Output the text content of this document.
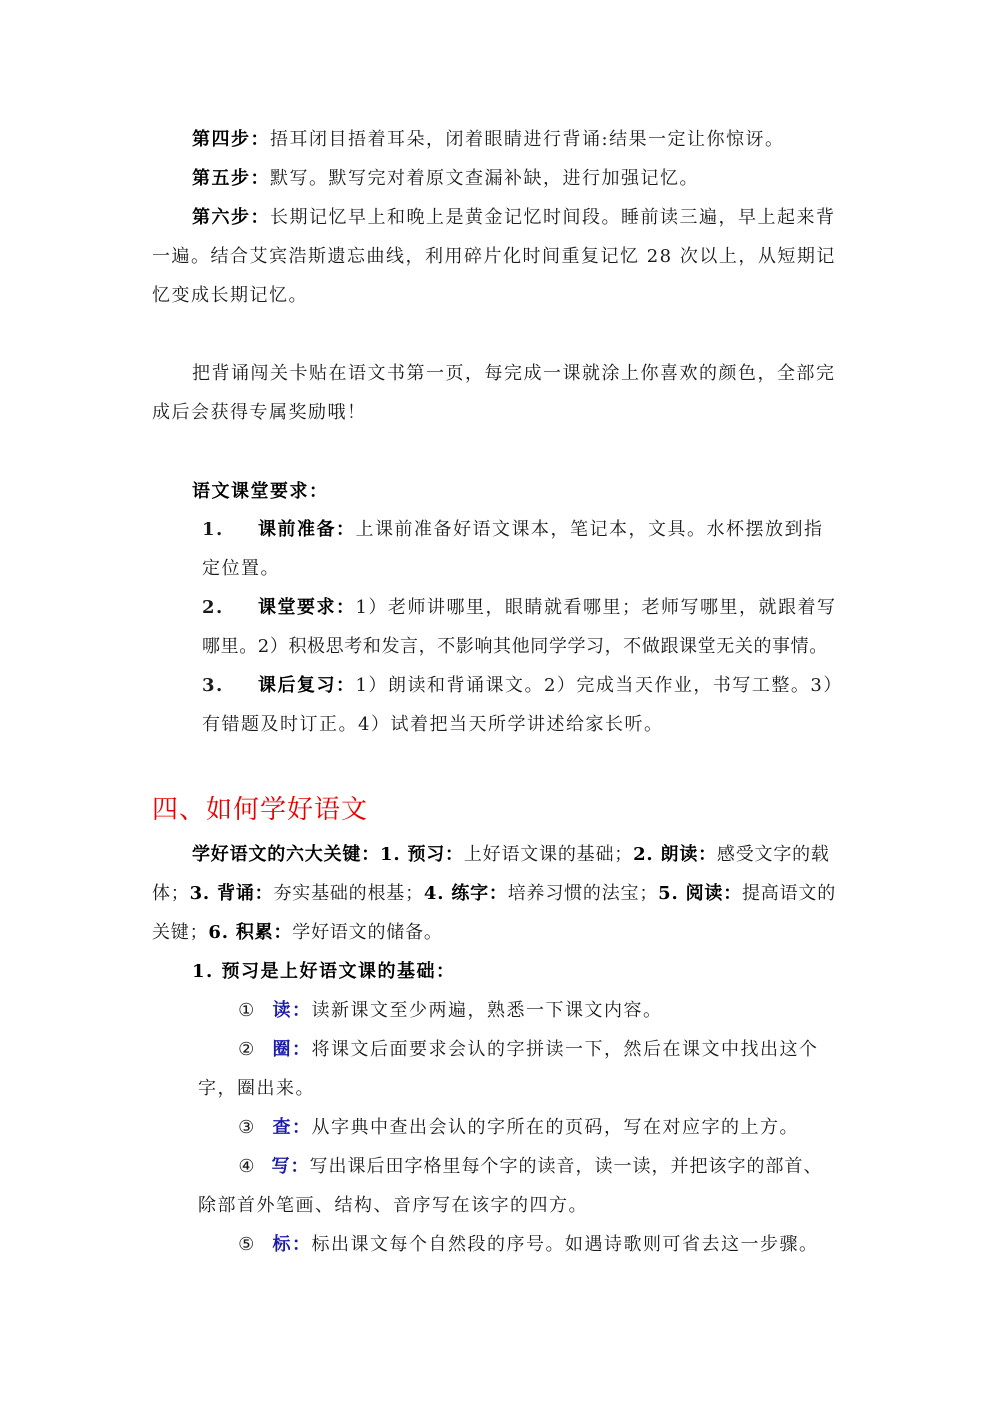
第四步：捂耳闭目捂着耳朵，闭着眼睛进行背诵:结果一定让你惊讶。
第五步：默写。默写完对着原文查漏补缺，进行加强记忆。
第六步：长期记忆早上和晚上是黄金记忆时间段。睡前读三遍，早上起来背
一遍。结合艾宾浩斯遗忘曲线，利用碎片化时间重复记忆 28 次以上，从短期记
忆变成长期记忆。
把背诵闯关卡贴在语文书第一页，每完成一课就涂上你喜欢的颜色，全部完
成后会获得专属奖励哦！
语文课堂要求：
1. 课前准备：上课前准备好语文课本，笔记本，文具。水杯摆放到指
定位置。
2. 课堂要求：1）老师讲哪里，眼睛就看哪里；老师写哪里，就跟着写
哪里。2）积极思考和发言，不影响其他同学学习，不做跟课堂无关的事情。
3. 课后复习：1）朗读和背诵课文。2）完成当天作业，书写工整。3）
有错题及时订正。4）试着把当天所学讲述给家长听。
四、如何学好语文
学好语文的六大关键：1. 预习：上好语文课的基础；2. 朗读：感受文字的载
体；3. 背诵：夯实基础的根基；4. 练字：培养习惯的法宝；5. 阅读：提高语文的
关键；6. 积累：学好语文的储备。
1. 预习是上好语文课的基础：
① 读：读新课文至少两遍，熟悉一下课文内容。
② 圈：将课文后面要求会认的字拼读一下，然后在课文中找出这个
字，圈出来。
③ 查：从字典中查出会认的字所在的页码，写在对应字的上方。
④ 写：写出课后田字格里每个字的读音，读一读，并把该字的部首、
除部首外笔画、结构、音序写在该字的四方。
⑤ 标：标出课文每个自然段的序号。如遇诗歌则可省去这一步骤。
